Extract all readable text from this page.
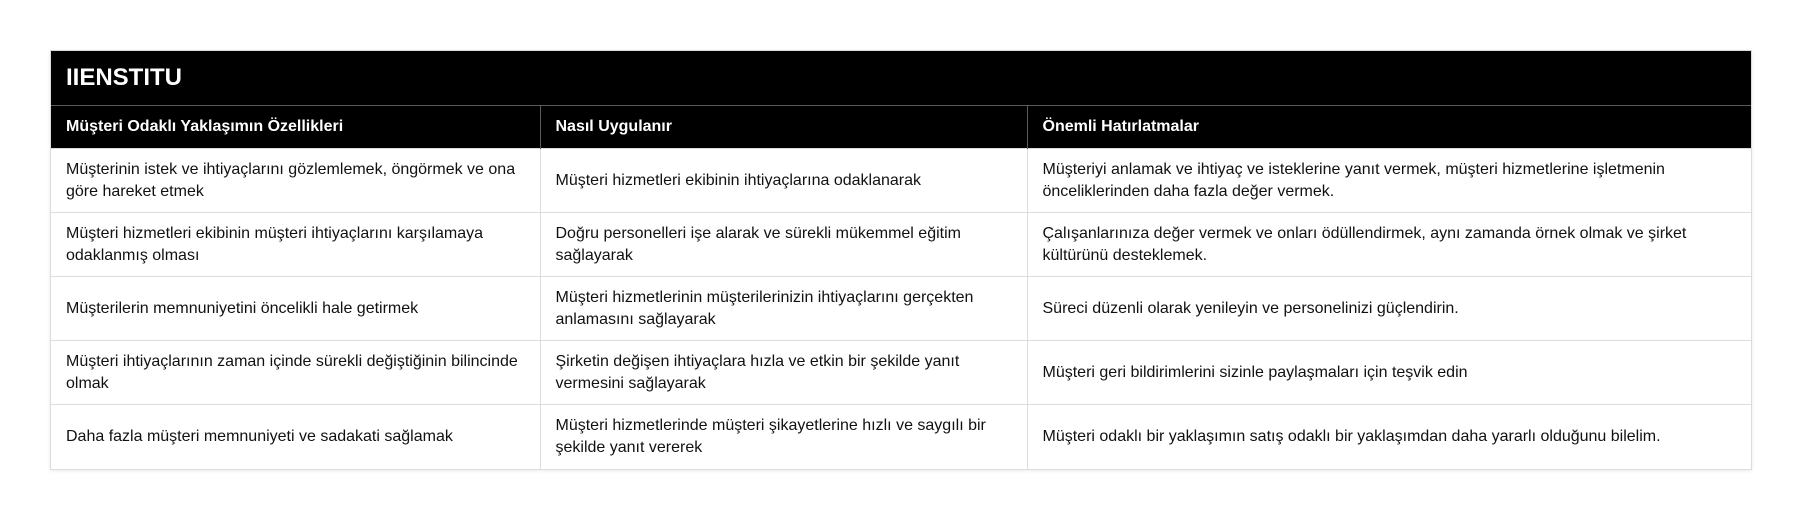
IIENSTITU
Müşteri Odaklı Yaklaşımın Özellikleri	Nasıl Uygulanır	Önemli Hatırlatmalar
Müşterinin istek ve ihtiyaçlarını gözlemlemek, öngörmek ve ona göre hareket etmek	Müşteri hizmetleri ekibinin ihtiyaçlarına odaklanarak	Müşteriyi anlamak ve ihtiyaç ve isteklerine yanıt vermek, müşteri hizmetlerine işletmenin önceliklerinden daha fazla değer vermek.
Müşteri hizmetleri ekibinin müşteri ihtiyaçlarını karşılamaya odaklanmış olması	Doğru personelleri işe alarak ve sürekli mükemmel eğitim sağlayarak	Çalışanlarınıza değer vermek ve onları ödüllendirmek, aynı zamanda örnek olmak ve şirket kültürünü desteklemek.
Müşterilerin memnuniyetini öncelikli hale getirmek	Müşteri hizmetlerinin müşterilerinizin ihtiyaçlarını gerçekten anlamasını sağlayarak	Süreci düzenli olarak yenileyin ve personelinizi güçlendirin.
Müşteri ihtiyaçlarının zaman içinde sürekli değiştiğinin bilincinde olmak	Şirketin değişen ihtiyaçlara hızla ve etkin bir şekilde yanıt vermesini sağlayarak	Müşteri geri bildirimlerini sizinle paylaşmaları için teşvik edin
Daha fazla müşteri memnuniyeti ve sadakati sağlamak	Müşteri hizmetlerinde müşteri şikayetlerine hızlı ve saygılı bir şekilde yanıt vererek	Müşteri odaklı bir yaklaşımın satış odaklı bir yaklaşımdan daha yararlı olduğunu bilelim.
